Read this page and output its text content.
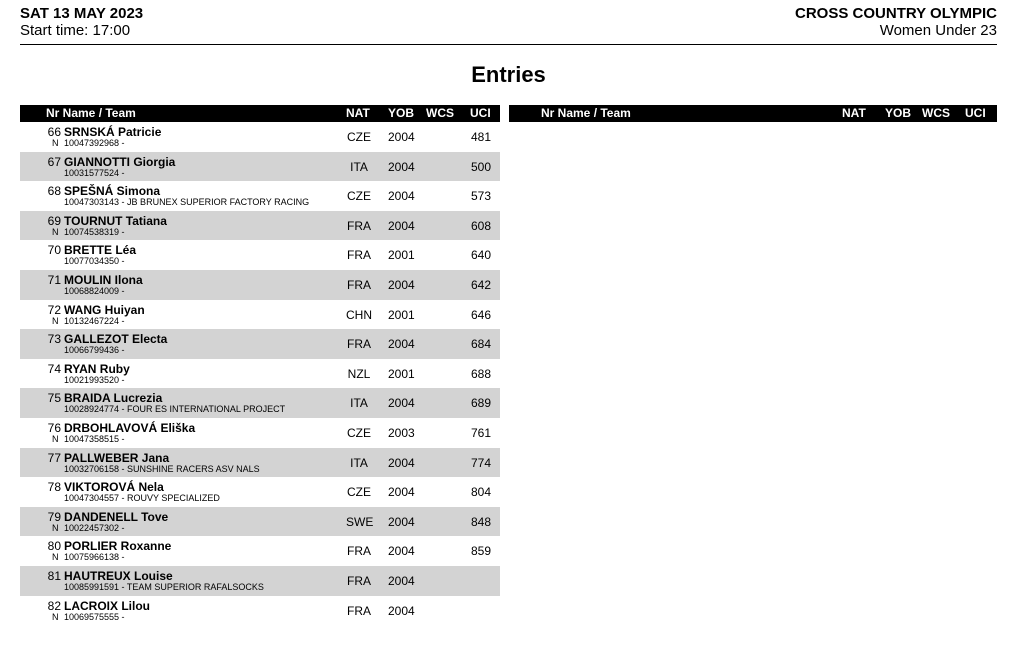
SAT 13 MAY 2023
Start time: 17:00
CROSS COUNTRY OLYMPIC
Women Under 23
Entries
Nr Name / Team	NAT YOB WCS UCI
66 SRNSKÁ Patricie
N 10047392968 -	CZE 2004	481
67 GIANNOTTI Giorgia
10031577524 -	ITA	2004	500
68 SPEŠNÁ Simona
10047303143 - JB BRUNEX SUPERIOR FACTORY RACING	CZE 2004	573
69 TOURNUT Tatiana
N 10074538319 -	FRA 2004	608
70 BRETTE Léa
10077034350 -	FRA 2001	640
71 MOULIN Ilona
10068824009 -	FRA 2004	642
72 WANG Huiyan
N 10132467224 -	CHN 2001	646
73 GALLEZOT Electa
10066799436 -	FRA 2004	684
74 RYAN Ruby
10021993520 -	NZL 2001	688
75 BRAIDA Lucrezia
10028924774 - FOUR ES INTERNATIONAL PROJECT	ITA	2004	689
76 DRBOHLAVOVÁ Eliška
N 10047358515 -	CZE 2003	761
77 PALLWEBER Jana
10032706158 - SUNSHINE RACERS ASV NALS	ITA	2004	774
78 VIKTOROVÁ Nela
10047304557 - ROUVY SPECIALIZED	CZE 2004	804
79 DANDENELL Tove
N 10022457302 -	SWE 2004	848
80 PORLIER Roxanne
N 10075966138 -	FRA 2004	859
81 HAUTREUX Louise
10085991591 - TEAM SUPERIOR RAFALSOCKS	FRA 2004
82 LACROIX Lilou
N 10069575555 -	FRA 2004
Nr Name / Team	NAT YOB WCS UCI
